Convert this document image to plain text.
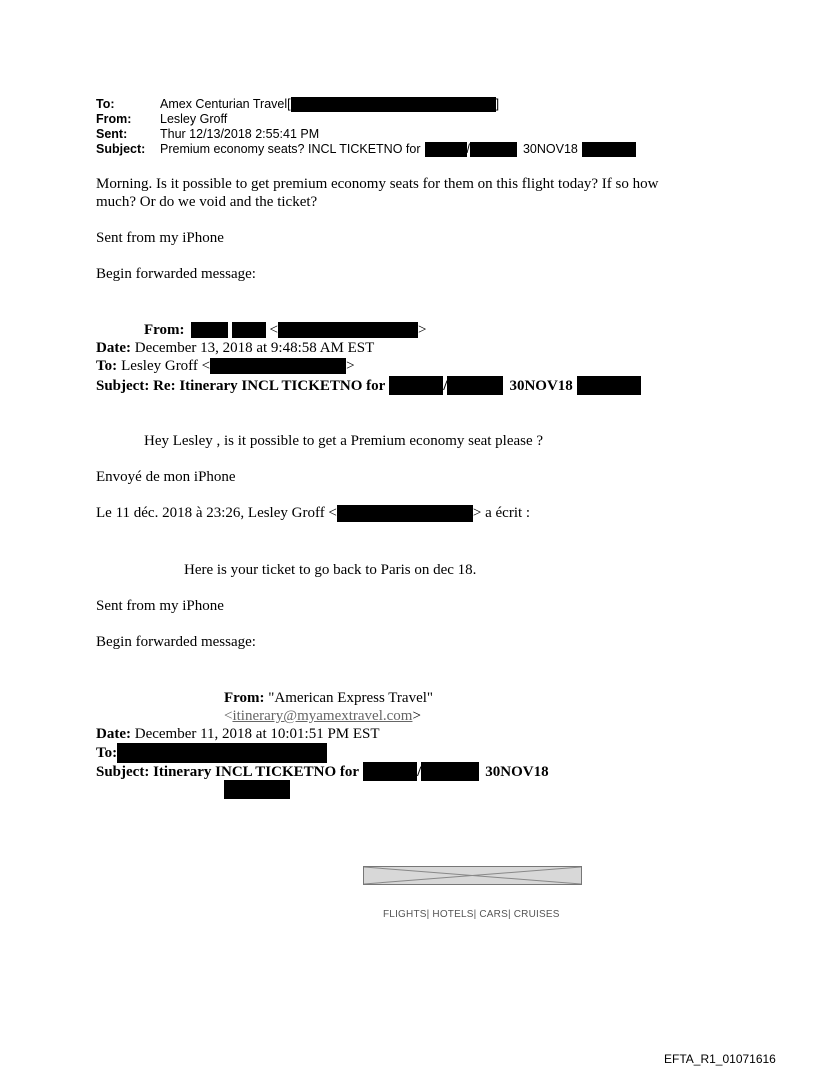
To:	Amex Centurian Travel[	]
From:	Lesley Groff
Sent:	Thur 12/13/2018 2:55:41 PM
Subject:	Premium economy seats? INCL TICKETNO for	/	30NOV18
Morning. Is it possible to get premium economy seats for them on this flight today? If so how
much? Or do we void and the ticket?
Sent from my iPhone
Begin forwarded message:
From:	<	>
Date: December 13, 2018 at 9:48:58 AM EST
To: Lesley Groff <	>
Subject: Re: Itinerary INCL TICKETNO for	/	30NOV18
Hey Lesley , is it possible to get a Premium economy seat please ?
Envoyé de mon iPhone
Le 11 déc. 2018 à 23:26, Lesley Groff <	> a écrit :
Here is your ticket to go back to Paris on dec 18.
Sent from my iPhone
Begin forwarded message:
From: "American Express Travel"
<itinerary@myamextravel.com>
Date: December 11, 2018 at 10:01:51 PM EST
To:
Subject: Itinerary INCL TICKETNO for	/	30NOV18
FLIGHTS| HOTELS| CARS| CRUISES
EFTA_R1_01071616
